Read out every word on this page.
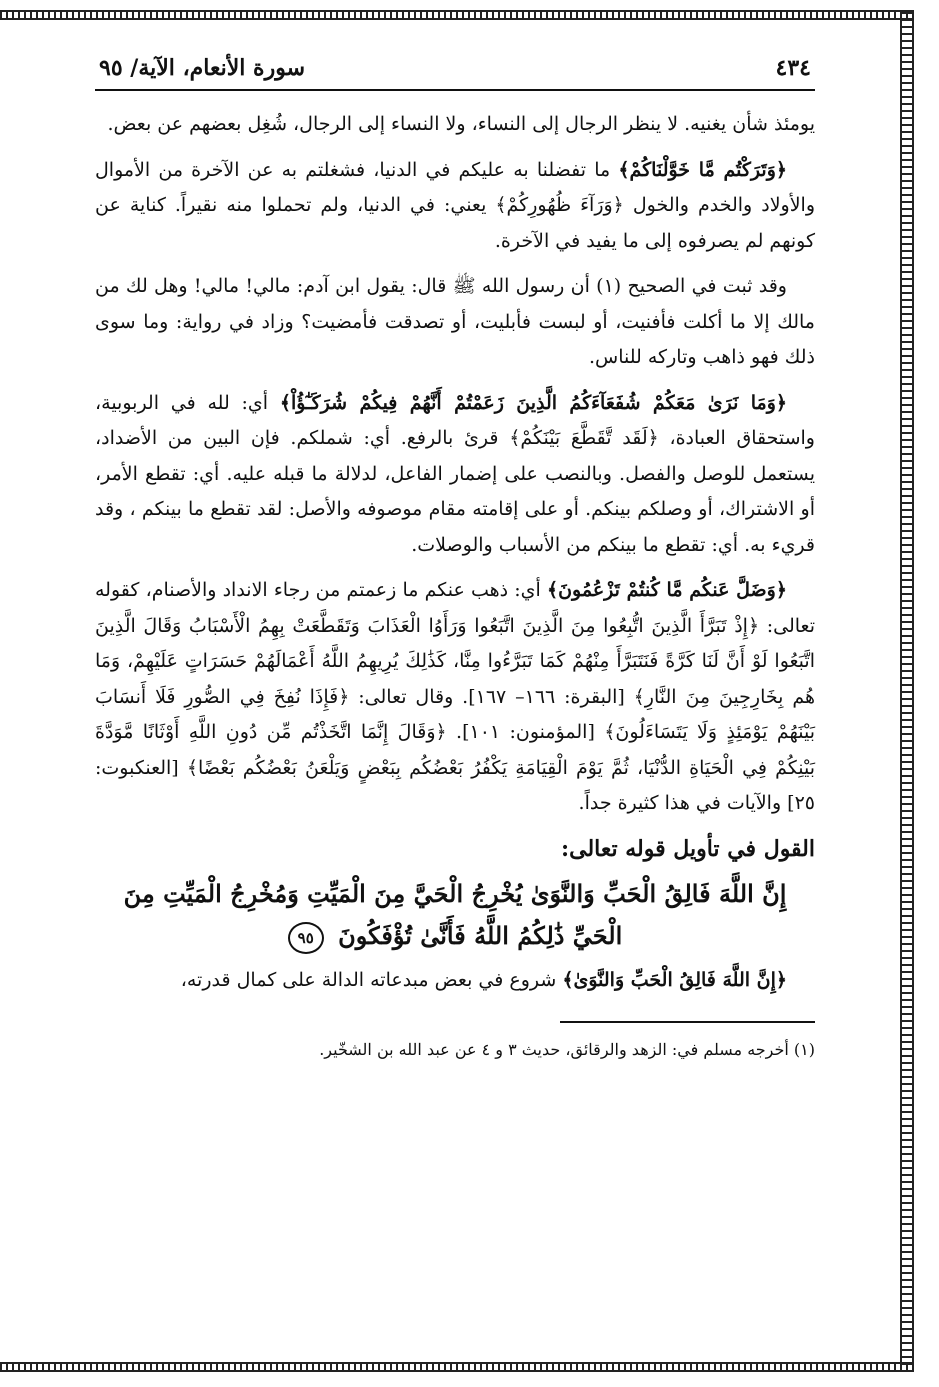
٤٣٤
سورة الأنعام، الآية/ ٩٥

يومئذ شأن يغنيه. لا ينظر الرجال إلى النساء، ولا النساء إلى الرجال، شُغِل بعضهم عن بعض.

﴿وَتَرَكْتُم مَّا خَوَّلْنَاكُمْ﴾ ما تفضلنا به عليكم في الدنيا، فشغلتم به عن الآخرة من الأموال والأولاد والخدم والخول ﴿وَرَآءَ ظُهُورِكُمْ﴾ يعني: في الدنيا، ولم تحملوا منه نقيراً. كناية عن كونهم لم يصرفوه إلى ما يفيد في الآخرة.

وقد ثبت في الصحيح (١) أن رسول الله ﷺ قال: يقول ابن آدم: مالي! مالي! وهل لك من مالك إلا ما أكلت فأفنيت، أو لبست فأبليت، أو تصدقت فأمضيت؟ وزاد في رواية: وما سوى ذلك فهو ذاهب وتاركه للناس.

﴿وَمَا نَرَىٰ مَعَكُمْ شُفَعَآءَكُمُ الَّذِينَ زَعَمْتُمْ أَنَّهُمْ فِيكُمْ شُرَكَـٰٓؤُاْ﴾ أي: لله في الربوبية، واستحقاق العبادة، ﴿لَقَد تَّقَطَّعَ بَيْنَكُمْ﴾ قرئ بالرفع. أي: شملكم. فإن البين من الأضداد، يستعمل للوصل والفصل. وبالنصب على إضمار الفاعل، لدلالة ما قبله عليه. أي: تقطع الأمر، أو الاشتراك، أو وصلكم بينكم. أو على إقامته مقام موصوفه والأصل: لقد تقطع ما بينكم ، وقد قريء به. أي: تقطع ما بينكم من الأسباب والوصلات.

﴿وَضَلَّ عَنكُم مَّا كُنتُمْ تَزْعُمُونَ﴾ أي: ذهب عنكم ما زعمتم من رجاء الانداد والأصنام، كقوله تعالى: ﴿إِذْ تَبَرَّأَ الَّذِينَ اتُّبِعُوا مِنَ الَّذِينَ اتَّبَعُوا وَرَأَوُا الْعَذَابَ وَتَقَطَّعَتْ بِهِمُ الْأَسْبَابُ وَقَالَ الَّذِينَ اتَّبَعُوا لَوْ أَنَّ لَنَا كَرَّةً فَنَتَبَرَّأَ مِنْهُمْ كَمَا تَبَرَّءُوا مِنَّا، كَذَٰلِكَ يُرِيهِمُ اللَّهُ أَعْمَالَهُمْ حَسَرَاتٍ عَلَيْهِمْ، وَمَا هُم بِخَارِجِينَ مِنَ النَّارِ﴾ [البقرة: ١٦٦– ١٦٧]. وقال تعالى: ﴿فَإِذَا نُفِخَ فِي الصُّورِ فَلَا أَنسَابَ بَيْنَهُمْ يَوْمَئِذٍ وَلَا يَتَسَاءَلُونَ﴾ [المؤمنون: ١٠١]. ﴿وَقَالَ إِنَّمَا اتَّخَذْتُم مِّن دُونِ اللَّهِ أَوْثَانًا مَّوَدَّةَ بَيْنِكُمْ فِي الْحَيَاةِ الدُّنْيَا، ثُمَّ يَوْمَ الْقِيَامَةِ يَكْفُرُ بَعْضُكُم بِبَعْضٍ وَيَلْعَنُ بَعْضُكُم بَعْضًا﴾ [العنكبوت: ٢٥] والآيات في هذا كثيرة جداً.

القول في تأويل قوله تعالى:
إِنَّ اللَّهَ فَالِقُ الْحَبِّ وَالنَّوَىٰ يُخْرِجُ الْحَيَّ مِنَ الْمَيِّتِ وَمُخْرِجُ الْمَيِّتِ مِنَ الْحَيِّ ذَٰلِكُمُ اللَّهُ فَأَنَّىٰ تُؤْفَكُونَ ٩٥

﴿إِنَّ اللَّهَ فَالِقُ الْحَبِّ وَالنَّوَىٰ﴾ شروع في بعض مبدعاته الدالة على كمال قدرته،

(١) أخرجه مسلم في: الزهد والرقائق، حديث ٣ و ٤ عن عبد الله بن الشخّير.
